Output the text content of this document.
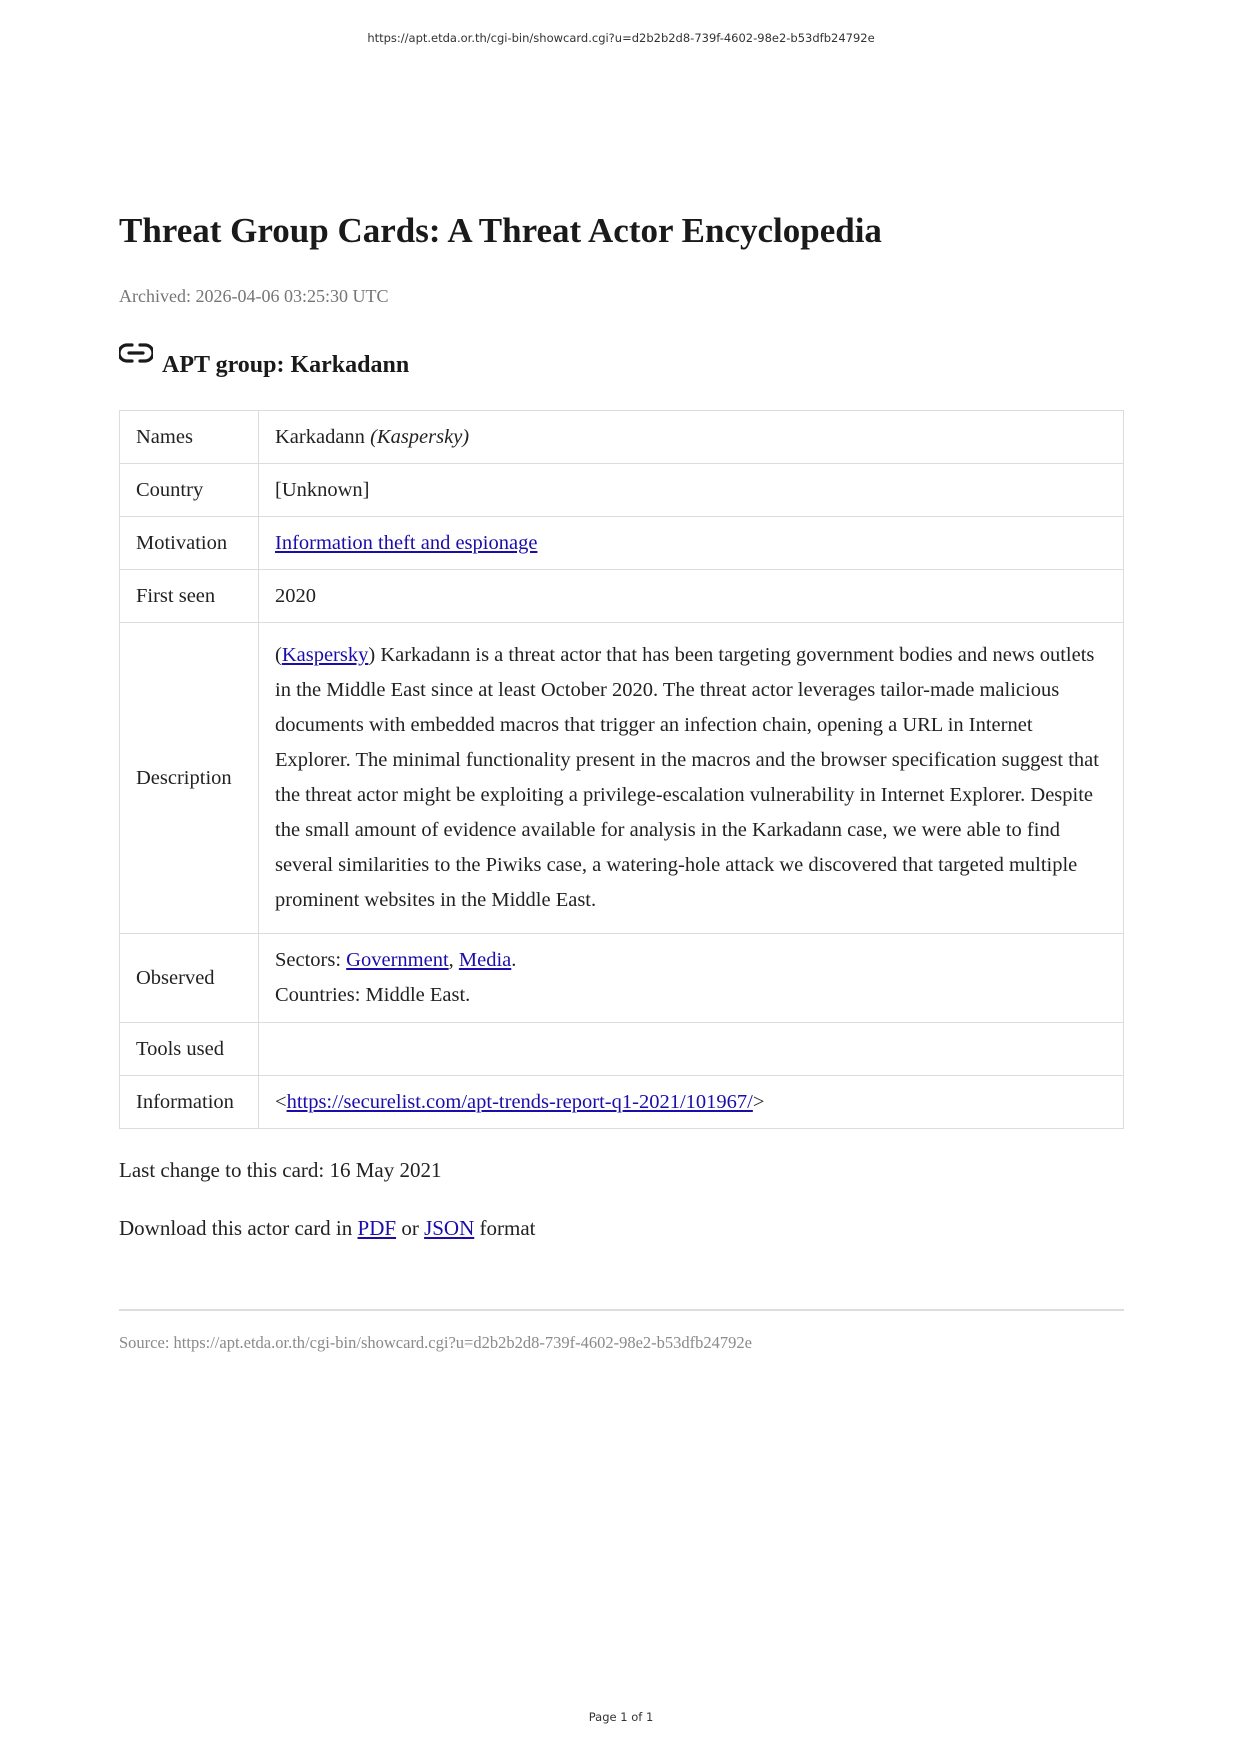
https://apt.etda.or.th/cgi-bin/showcard.cgi?u=d2b2b2d8-739f-4602-98e2-b53dfb24792e
Threat Group Cards: A Threat Actor Encyclopedia
Archived: 2026-04-06 03:25:30 UTC
APT group: Karkadann
Names	Karkadann (Kaspersky)
Country	[Unknown]
Motivation	Information theft and espionage
First seen	2020
Description	(Kaspersky) Karkadann is a threat actor that has been targeting government bodies and news outlets in the Middle East since at least October 2020. The threat actor leverages tailor-made malicious documents with embedded macros that trigger an infection chain, opening a URL in Internet Explorer. The minimal functionality present in the macros and the browser specification suggest that the threat actor might be exploiting a privilege-escalation vulnerability in Internet Explorer. Despite the small amount of evidence available for analysis in the Karkadann case, we were able to find several similarities to the Piwiks case, a watering-hole attack we discovered that targeted multiple prominent websites in the Middle East.
Observed	Sectors: Government, Media.
Countries: Middle East.
Tools used	
Information	<https://securelist.com/apt-trends-report-q1-2021/101967/>
Last change to this card: 16 May 2021
Download this actor card in PDF or JSON format
Source: https://apt.etda.or.th/cgi-bin/showcard.cgi?u=d2b2b2d8-739f-4602-98e2-b53dfb24792e
Page 1 of 1
